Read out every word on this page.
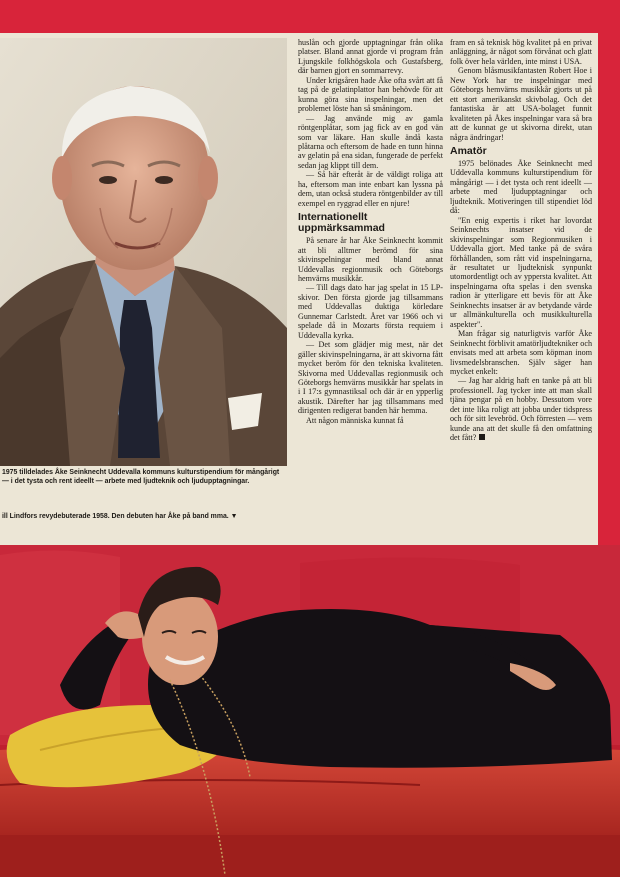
1975 tilldelades Åke Seinknecht Uddevalla kommuns kulturstipendium för mångårigt — i det tysta och rent ideellt — arbete med ljudteknik och ljudupptagningar.
ill Lindfors revydebuterade 1958. Den debuten har Åke på band mma. ▼

huslån och gjorde upptagningar från olika platser. Bland annat gjorde vi program från Ljungskile folkhögskola och Gustafsberg, där barnen gjort en sommarrevy.

Under krigsåren hade Åke ofta svårt att få tag på de gelatinplattor han behövde för att kunna göra sina inspelningar, men det problemet löste han så småningom.

— Jag använde mig av gamla röntgenplåtar, som jag fick av en god vän som var läkare. Han skulle ändå kasta plåtarna och eftersom de hade en tunn hinna av gelatin på ena sidan, fungerade de perfekt sedan jag klippt till dem.

— Så här efteråt är de väldigt roliga att ha, eftersom man inte enbart kan lyssna på dem, utan också studera röntgenbilder av till exempel en ryggrad eller en njure!

Internationellt uppmärksammad

På senare år har Åke Seinknecht kommit att bli alltmer berömd för sina skivinspelningar med bland annat Uddevallas regionmusik och Göteborgs hemvärns musikkår.

— Till dags dato har jag spelat in 15 LP-skivor. Den första gjorde jag tillsammans med Uddevallas duktiga körledare Gunnemar Carlstedt. Året var 1966 och vi spelade då in Mozarts första requiem i Uddevalla kyrka.

— Det som glädjer mig mest, när det gäller skivinspelningarna, är att skivorna fått mycket beröm för den tekniska kvaliteten. Skivorna med Uddevallas regionmusik och Göteborgs hemvärns musikkår har spelats in i I 17:s gymnastiksal och där är en ypperlig akustik. Därefter har jag tillsammans med dirigenten redigerat banden här hemma.

Att någon människa kunnat få

fram en så teknisk hög kvalitet på en privat anläggning, är något som förvånat och glatt folk över hela världen, inte minst i USA.

Genom blåsmusikfantasten Robert Hoe i New York har tre inspelningar med Göteborgs hemvärns musikkår gjorts ut på ett stort amerikanskt skivbolag. Och det fantastiska är att USA-bolaget funnit kvaliteten på Åkes inspelningar vara så bra att de kunnat ge ut skivorna direkt, utan några ändringar!

Amatör

1975 belönades Åke Seinknecht med Uddevalla kommuns kulturstipendium för mångårigt — i det tysta och rent ideellt — arbete med ljudupptagningar och ljudteknik. Motiveringen till stipendiet löd då:

"En enig expertis i riket har lovordat Seinknechts insatser vid de skivinspelningar som Regionmusiken i Uddevalla gjort. Med tanke på de svåra förhållanden, som rått vid inspelningarna, är resultatet ur ljudteknisk synpunkt utomordentligt och av yppersta kvalitet. Att inspelningarna ofta spelas i den svenska radion är ytterligare ett bevis för att Åke Seinknechts insatser är av betydande värde ur allmänkulturella och musikkulturella aspekter".

Man frågar sig naturligtvis varför Åke Seinknecht förblivit amatörljudtekniker och envisats med att arbeta som köpman inom livsmedelsbranschen. Själv säger han mycket enkelt:

— Jag har aldrig haft en tanke på att bli professionell. Jag tycker inte att man skall tjäna pengar på en hobby. Dessutom vore det inte lika roligt att jobba under tidspress och för sitt levebröd. Och förresten — vem kunde ana att det skulle få den omfattning det fått?
